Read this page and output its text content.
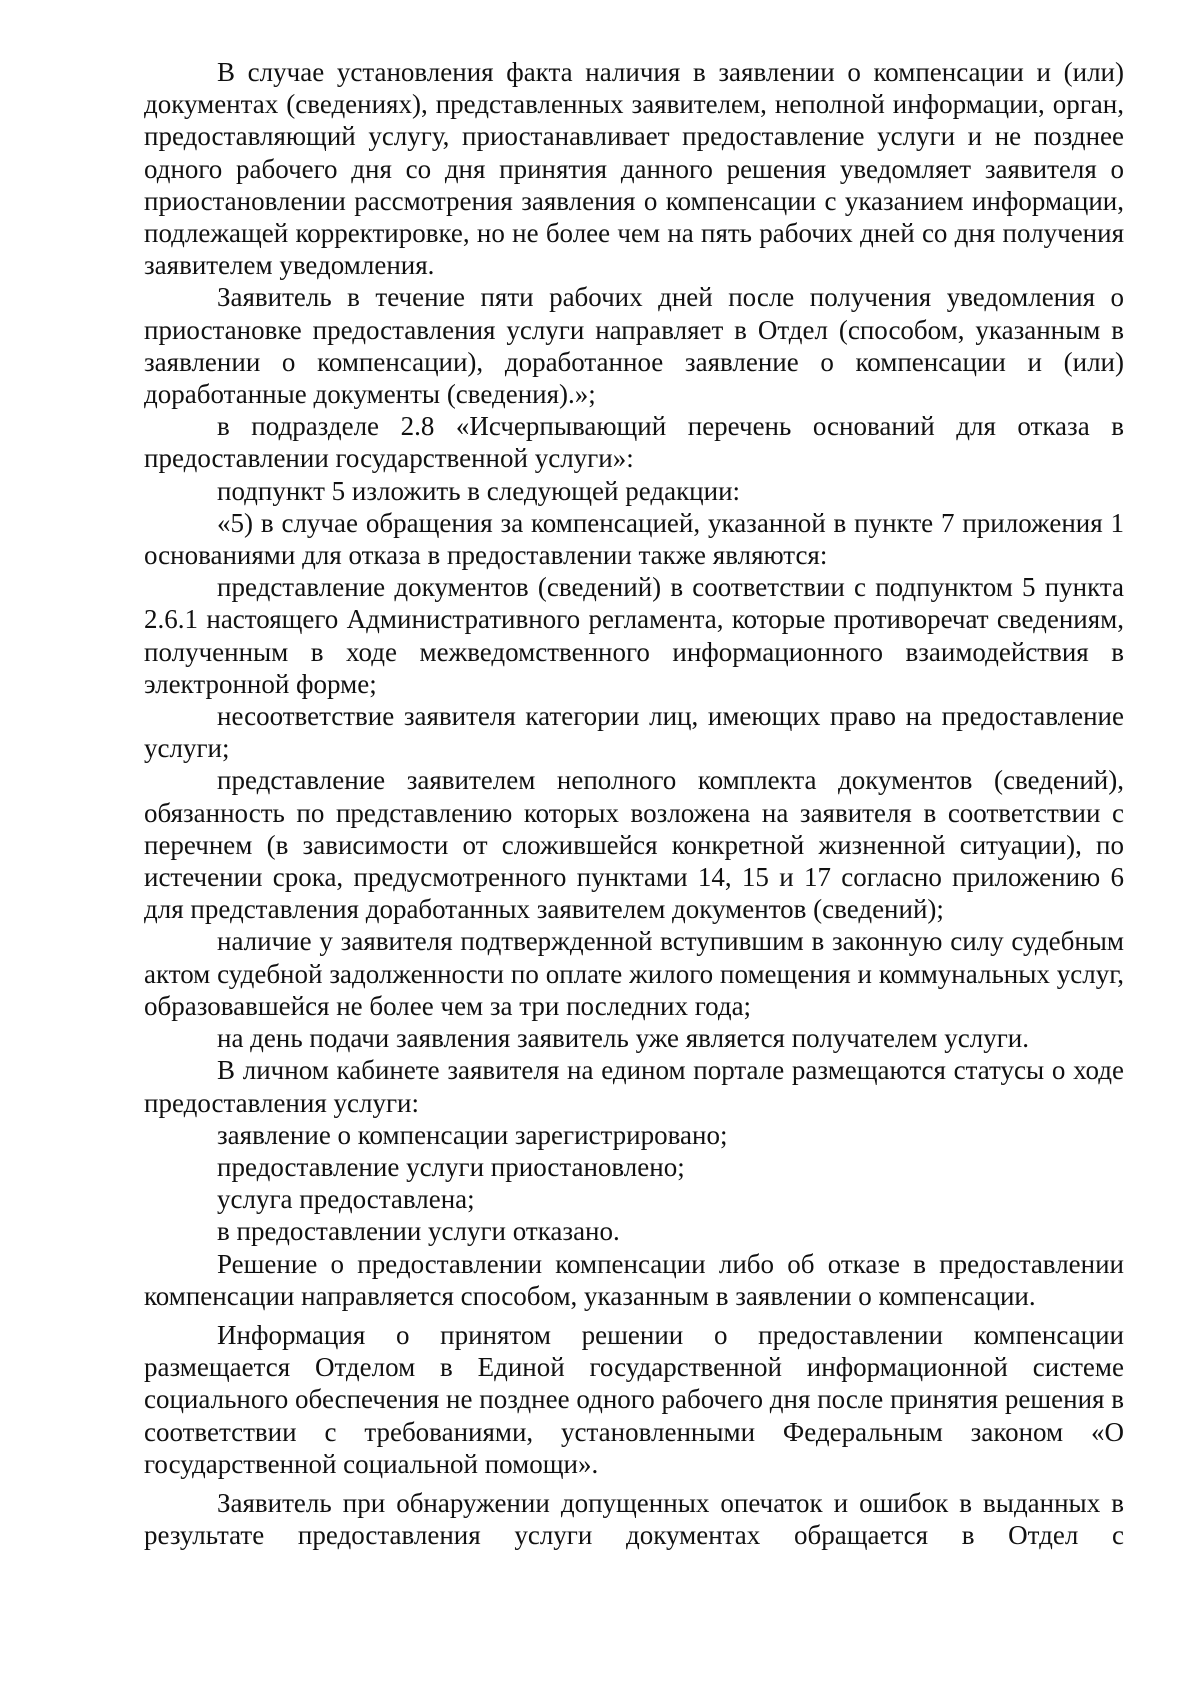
В случае установления факта наличия в заявлении о компенсации и (или) документах (сведениях), представленных заявителем, неполной информации, орган, предоставляющий услугу, приостанавливает предоставление услуги и не позднее одного рабочего дня со дня принятия данного решения уведомляет заявителя о приостановлении рассмотрения заявления о компенсации с указанием информации, подлежащей корректировке, но не более чем на пять рабочих дней со дня получения заявителем уведомления.

Заявитель в течение пяти рабочих дней после получения уведомления о приостановке предоставления услуги направляет в Отдел (способом, указанным в заявлении о компенсации), доработанное заявление о компенсации и (или) доработанные документы (сведения).»;

в подразделе 2.8 «Исчерпывающий перечень оснований для отказа в предоставлении государственной услуги»:

подпункт 5 изложить в следующей редакции:

«5) в случае обращения за компенсацией, указанной в пункте 7 приложения 1 основаниями для отказа в предоставлении также являются:

представление документов (сведений) в соответствии с подпунктом 5 пункта 2.6.1 настоящего Административного регламента, которые противоречат сведениям, полученным в ходе межведомственного информационного взаимодействия в электронной форме;

несоответствие заявителя категории лиц, имеющих право на предоставление услуги;

представление заявителем неполного комплекта документов (сведений), обязанность по представлению которых возложена на заявителя в соответствии с перечнем (в зависимости от сложившейся конкретной жизненной ситуации), по истечении срока, предусмотренного пунктами 14, 15 и 17 согласно приложению 6 для представления доработанных заявителем документов (сведений);

наличие у заявителя подтвержденной вступившим в законную силу судебным актом судебной задолженности по оплате жилого помещения и коммунальных услуг, образовавшейся не более чем за три последних года;

на день подачи заявления заявитель уже является получателем услуги.

В личном кабинете заявителя на едином портале размещаются статусы о ходе предоставления услуги:

заявление о компенсации зарегистрировано;

предоставление услуги приостановлено;

услуга предоставлена;

в предоставлении услуги отказано.

Решение о предоставлении компенсации либо об отказе в предоставлении компенсации направляется способом, указанным в заявлении о компенсации.

Информация о принятом решении о предоставлении компенсации размещается Отделом в Единой государственной информационной системе социального обеспечения не позднее одного рабочего дня после принятия решения в соответствии с требованиями, установленными Федеральным законом «О государственной социальной помощи».

Заявитель при обнаружении допущенных опечаток и ошибок в выданных в результате предоставления услуги документах обращается в Отдел с
